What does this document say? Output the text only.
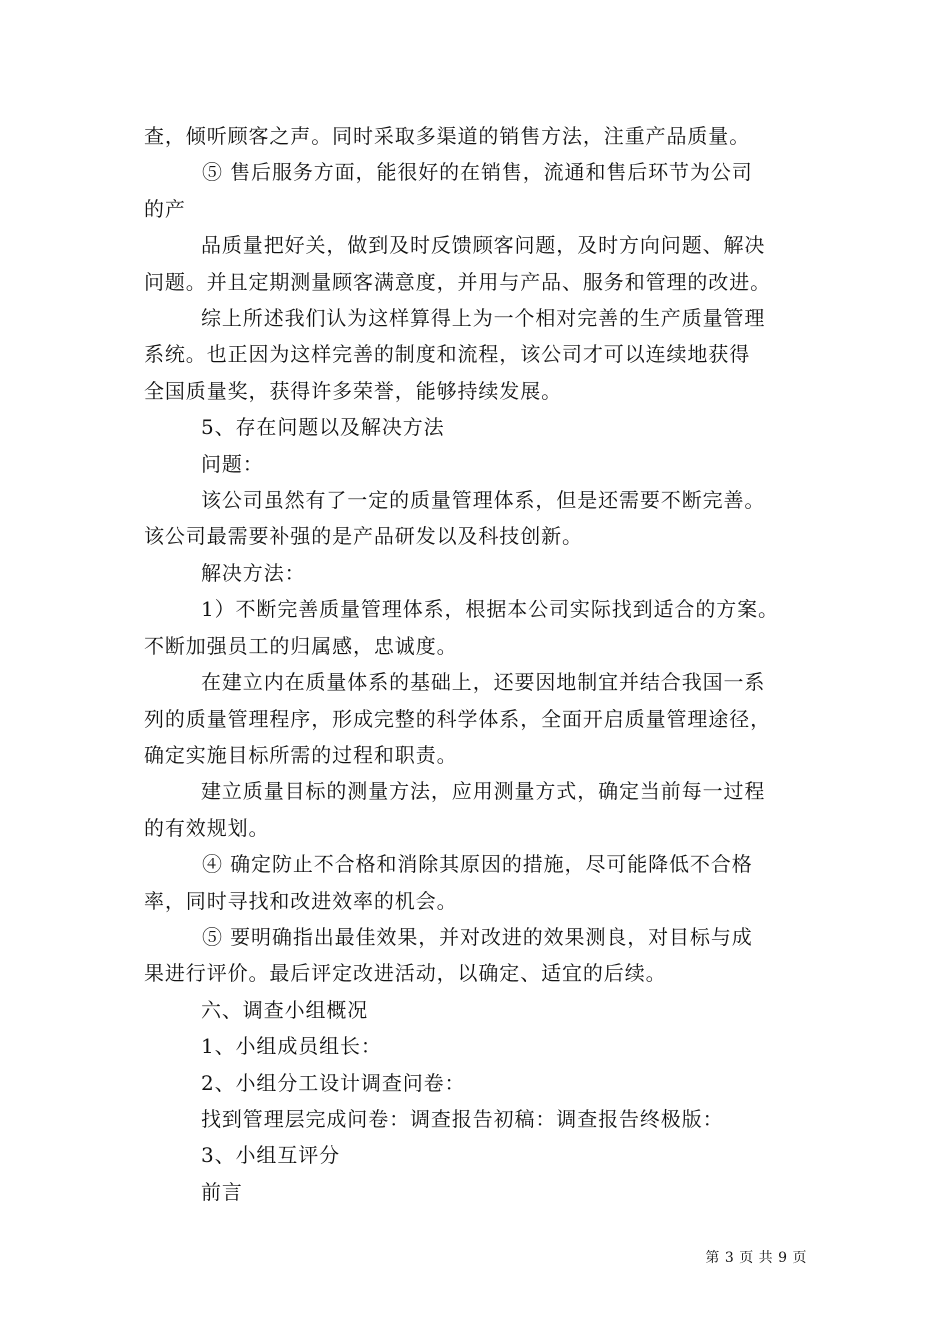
查，倾听顾客之声。同时采取多渠道的销售方法，注重产品质量。

⑤ 售后服务方面，能很好的在销售，流通和售后环节为公司

的产

品质量把好关，做到及时反馈顾客问题，及时方向问题、解决

问题。并且定期测量顾客满意度，并用与产品、服务和管理的改进。

综上所述我们认为这样算得上为一个相对完善的生产质量管理

系统。也正因为这样完善的制度和流程，该公司才可以连续地获得

全国质量奖，获得许多荣誉，能够持续发展。

5、存在问题以及解决方法

问题：

该公司虽然有了一定的质量管理体系，但是还需要不断完善。

该公司最需要补强的是产品研发以及科技创新。

解决方法：

1）不断完善质量管理体系，根据本公司实际找到适合的方案。

不断加强员工的归属感，忠诚度。

在建立内在质量体系的基础上，还要因地制宜并结合我国一系

列的质量管理程序，形成完整的科学体系，全面开启质量管理途径，

确定实施目标所需的过程和职责。

建立质量目标的测量方法，应用测量方式，确定当前每一过程

的有效规划。

④ 确定防止不合格和消除其原因的措施，尽可能降低不合格

率，同时寻找和改进效率的机会。

⑤ 要明确指出最佳效果，并对改进的效果测良，对目标与成

果进行评价。最后评定改进活动，以确定、适宜的后续。

六、调查小组概况

1、小组成员组长：

2、小组分工设计调查问卷：

找到管理层完成问卷：调查报告初稿：调查报告终极版：

3、小组互评分

前言

第 3 页 共 9 页
